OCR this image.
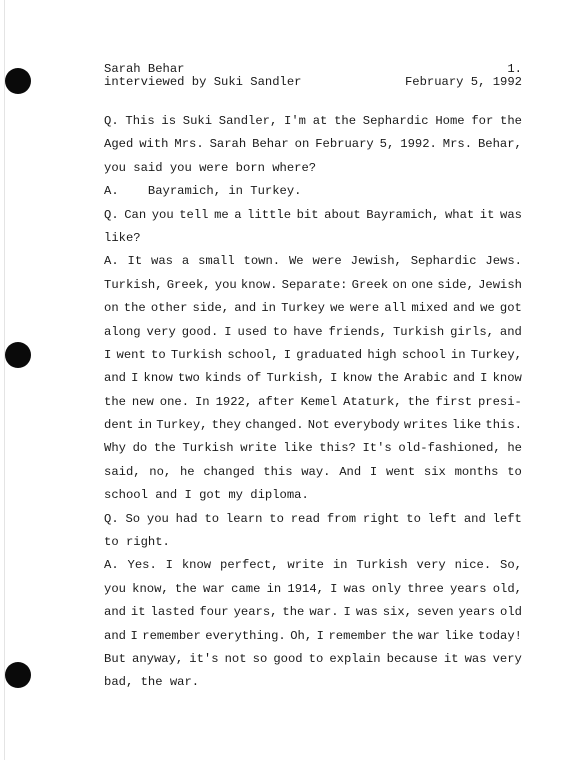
Sarah Behar	1.
interviewed by Suki Sandler	February 5, 1992
Q. This is Suki Sandler, I'm at the Sephardic Home for the
Aged with Mrs. Sarah Behar on February 5, 1992. Mrs. Behar,
you said you were born where?
A.    Bayramich, in Turkey.
Q. Can you tell me a little bit about Bayramich, what it was
like?
A. It was a small town. We were Jewish, Sephardic Jews.
Turkish, Greek, you know. Separate: Greek on one side, Jewish
on the other side, and in Turkey we were all mixed and we got
along very good. I used to have friends, Turkish girls, and
I went to Turkish school, I graduated high school in Turkey,
and I know two kinds of Turkish, I know the Arabic and I know
the new one. In 1922, after Kemel Ataturk, the first presi-
dent in Turkey, they changed. Not everybody writes like this.
Why do the Turkish write like this? It's old-fashioned, he
said, no, he changed this way. And I went six months to
school and I got my diploma.
Q. So you had to learn to read from right to left and left
to right.
A. Yes. I know perfect, write in Turkish very nice. So,
you know, the war came in 1914, I was only three years old,
and it lasted four years, the war. I was six, seven years old
and I remember everything. Oh, I remember the war like today!
But anyway, it's not so good to explain because it was very
bad, the war.
